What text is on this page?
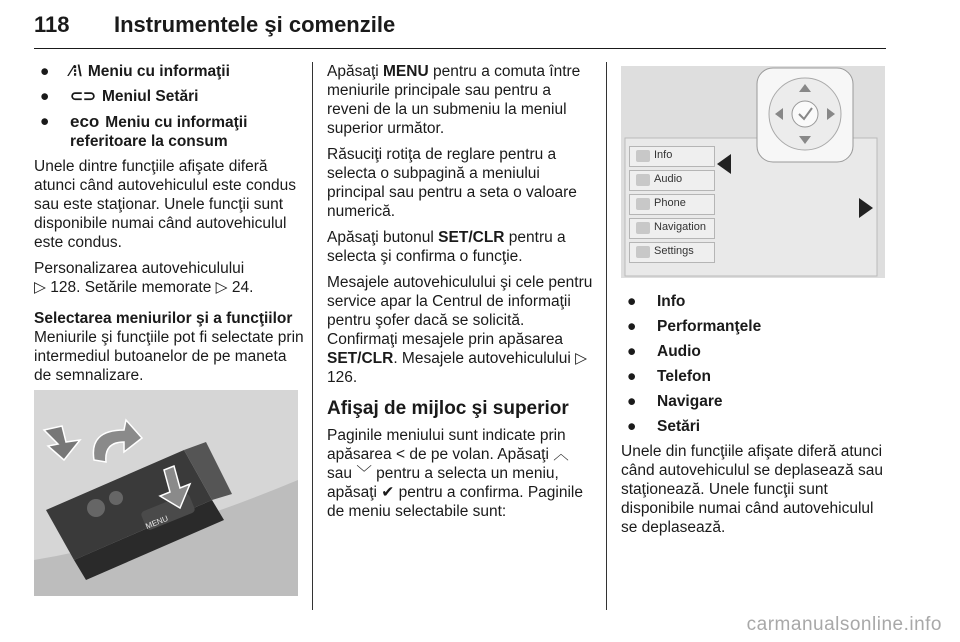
118 Instrumentele şi comenzile
● ⁄⁝\ Meniu cu informaţii
● ⊂⊃ Meniul Setări
● eco Meniu cu informaţii referitoare la consum

Unele dintre funcţiile afişate diferă atunci când autovehiculul este condus sau este staţionar. Unele funcţii sunt disponibile numai când autovehiculul este condus.

Personalizarea autovehiculului
▷ 128. Setările memorate ▷ 24.

Selectarea meniurilor şi a funcţiilor

Meniurile şi funcţiile pot fi selectate prin intermediul butoanelor de pe maneta de semnalizare.

MENU

Apăsaţi MENU pentru a comuta între meniurile principale sau pentru a reveni de la un submeniu la meniul superior următor.

Răsuciţi rotiţa de reglare pentru a selecta o subpagină a meniului principal sau pentru a seta o valoare numerică.

Apăsaţi butonul SET/CLR pentru a selecta şi confirma o funcţie.

Mesajele autovehiculului şi cele pentru service apar la Centrul de informaţii pentru şofer dacă se solicită. Confirmaţi mesajele prin apăsarea SET/CLR. Mesajele autovehiculului ▷ 126.

Afişaj de mijloc şi superior

Paginile meniului sunt indicate prin apăsarea < de pe volan. Apăsaţi ︿ sau ﹀ pentru a selecta un meniu, apăsaţi ✔ pentru a confirma. Paginile de meniu selectabile sunt:

Info
Audio
Phone
Navigation
Settings
● Info
● Performanţele
● Audio
● Telefon
● Navigare
● Setări

Unele din funcţiile afişate diferă atunci când autovehiculul se deplasează sau staţionează. Unele funcţii sunt disponibile numai când autovehiculul se deplasează.

carmanualsonline.info
